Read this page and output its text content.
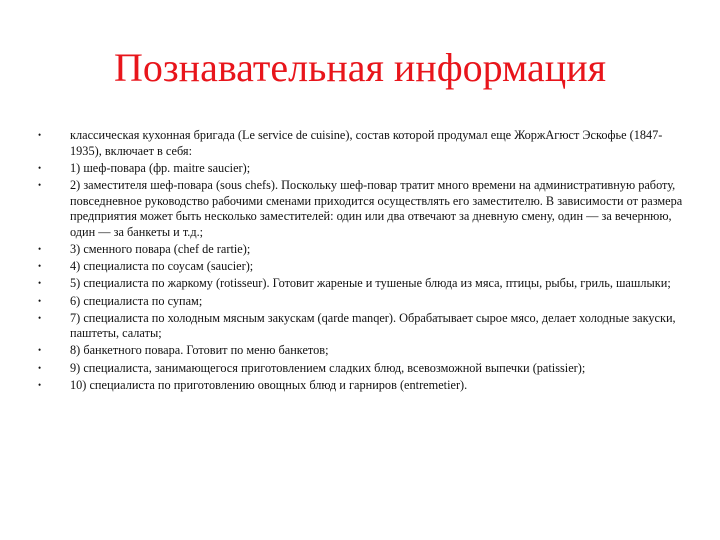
Познавательная информация
•	классическая кухонная бригада (Le service de cuisine), состав которой продумал еще ЖоржАгюст Эскофье (1847-1935), включает в себя:
•	1) шеф-повара (фр. maitre saucier);
•	2) заместителя шеф-повара (sous chefs). Поскольку шеф-повар тратит много времени на административную работу, повседневное руководство рабочими сменами приходится осуществлять его заместителю. В зависимости от размера предприятия может быть несколько заместителей: один или два отвечают за дневную смену, один — за вечернюю, один — за банкеты и т.д.;
•	3) сменного повара (chef de rartie);
•	4) специалиста по соусам (saucier);
•	5) специалиста по жаркому (rotisseur). Готовит жареные и тушеные блюда из мяса, птицы, рыбы, гриль, шашлыки;
•	6) специалиста по супам;
•	7) специалиста по холодным мясным закускам (qarde manqer). Обрабатывает сырое мясо, делает холодные закуски, паштеты, салаты;
•	8) банкетного повара. Готовит по меню банкетов;
•	9) специалиста, занимающегося приготовлением сладких блюд, всевозможной выпечки (patissier);
•	10) специалиста по приготовлению овощных блюд и гарниров (entremetier).
